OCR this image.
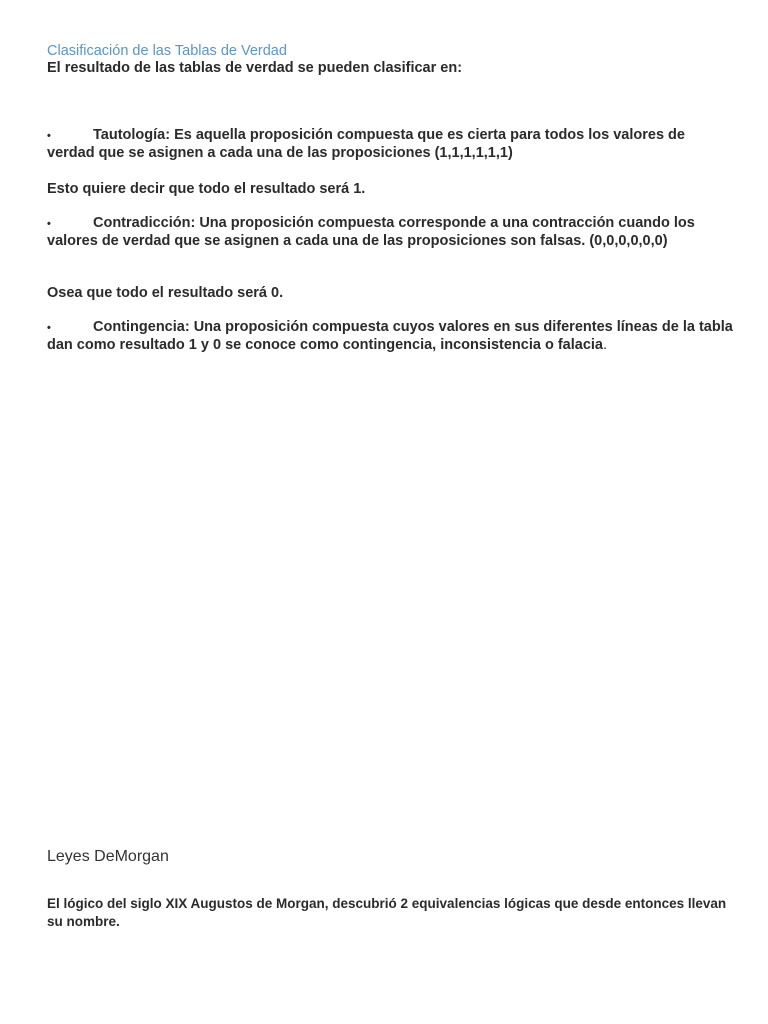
Clasificación de las Tablas de Verdad

El resultado de las tablas de verdad se pueden clasificar en:

•	Tautología: Es aquella proposición compuesta que es cierta para todos los valores de verdad que se asignen a cada una de las proposiciones (1,1,1,1,1,1)

Esto quiere decir que todo el resultado será 1.

•	Contradicción: Una proposición compuesta corresponde a una contracción cuando los valores de verdad que se asignen a cada una de las proposiciones son falsas. (0,0,0,0,0,0)

Osea que todo el resultado será 0.

•	Contingencia: Una proposición compuesta cuyos valores en sus diferentes líneas de la tabla dan como resultado 1 y 0 se conoce como contingencia, inconsistencia o falacia.

Leyes DeMorgan

El lógico del siglo XIX Augustos de Morgan, descubrió 2 equivalencias lógicas que desde entonces llevan su nombre.
